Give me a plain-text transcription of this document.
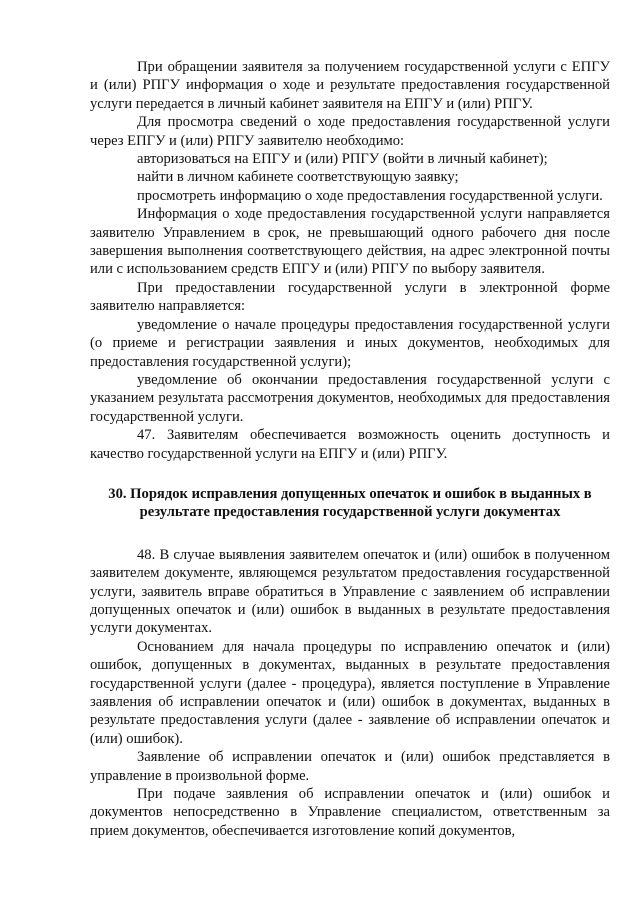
При обращении заявителя за получением государственной услуги с ЕПГУ и (или) РПГУ информация о ходе и результате предоставления государственной услуги передается в личный кабинет заявителя на ЕПГУ и (или) РПГУ.

Для просмотра сведений о ходе предоставления государственной услуги через ЕПГУ и (или) РПГУ заявителю необходимо:

авторизоваться на ЕПГУ и (или) РПГУ (войти в личный кабинет);

найти в личном кабинете соответствующую заявку;

просмотреть информацию о ходе предоставления государственной услуги.

Информация о ходе предоставления государственной услуги направляется заявителю Управлением в срок, не превышающий одного рабочего дня после завершения выполнения соответствующего действия, на адрес электронной почты или с использованием средств ЕПГУ и (или) РПГУ по выбору заявителя.

При предоставлении государственной услуги в электронной форме заявителю направляется:

уведомление о начале процедуры предоставления государственной услуги (о приеме и регистрации заявления и иных документов, необходимых для предоставления государственной услуги);

уведомление об окончании предоставления государственной услуги с указанием результата рассмотрения документов, необходимых для предоставления государственной услуги.

47. Заявителям обеспечивается возможность оценить доступность и качество государственной услуги на ЕПГУ и (или) РПГУ.

30. Порядок исправления допущенных опечаток и ошибок в выданных в результате предоставления государственной услуги документах

48. В случае выявления заявителем опечаток и (или) ошибок в полученном заявителем документе, являющемся результатом предоставления государственной услуги, заявитель вправе обратиться в Управление с заявлением об исправлении допущенных опечаток и (или) ошибок в выданных в результате предоставления услуги документах.

Основанием для начала процедуры по исправлению опечаток и (или) ошибок, допущенных в документах, выданных в результате предоставления государственной услуги (далее - процедура), является поступление в Управление заявления об исправлении опечаток и (или) ошибок в документах, выданных в результате предоставления услуги (далее - заявление об исправлении опечаток и (или) ошибок).

Заявление об исправлении опечаток и (или) ошибок представляется в управление в произвольной форме.

При подаче заявления об исправлении опечаток и (или) ошибок и документов непосредственно в Управление специалистом, ответственным за прием документов, обеспечивается изготовление копий документов,
